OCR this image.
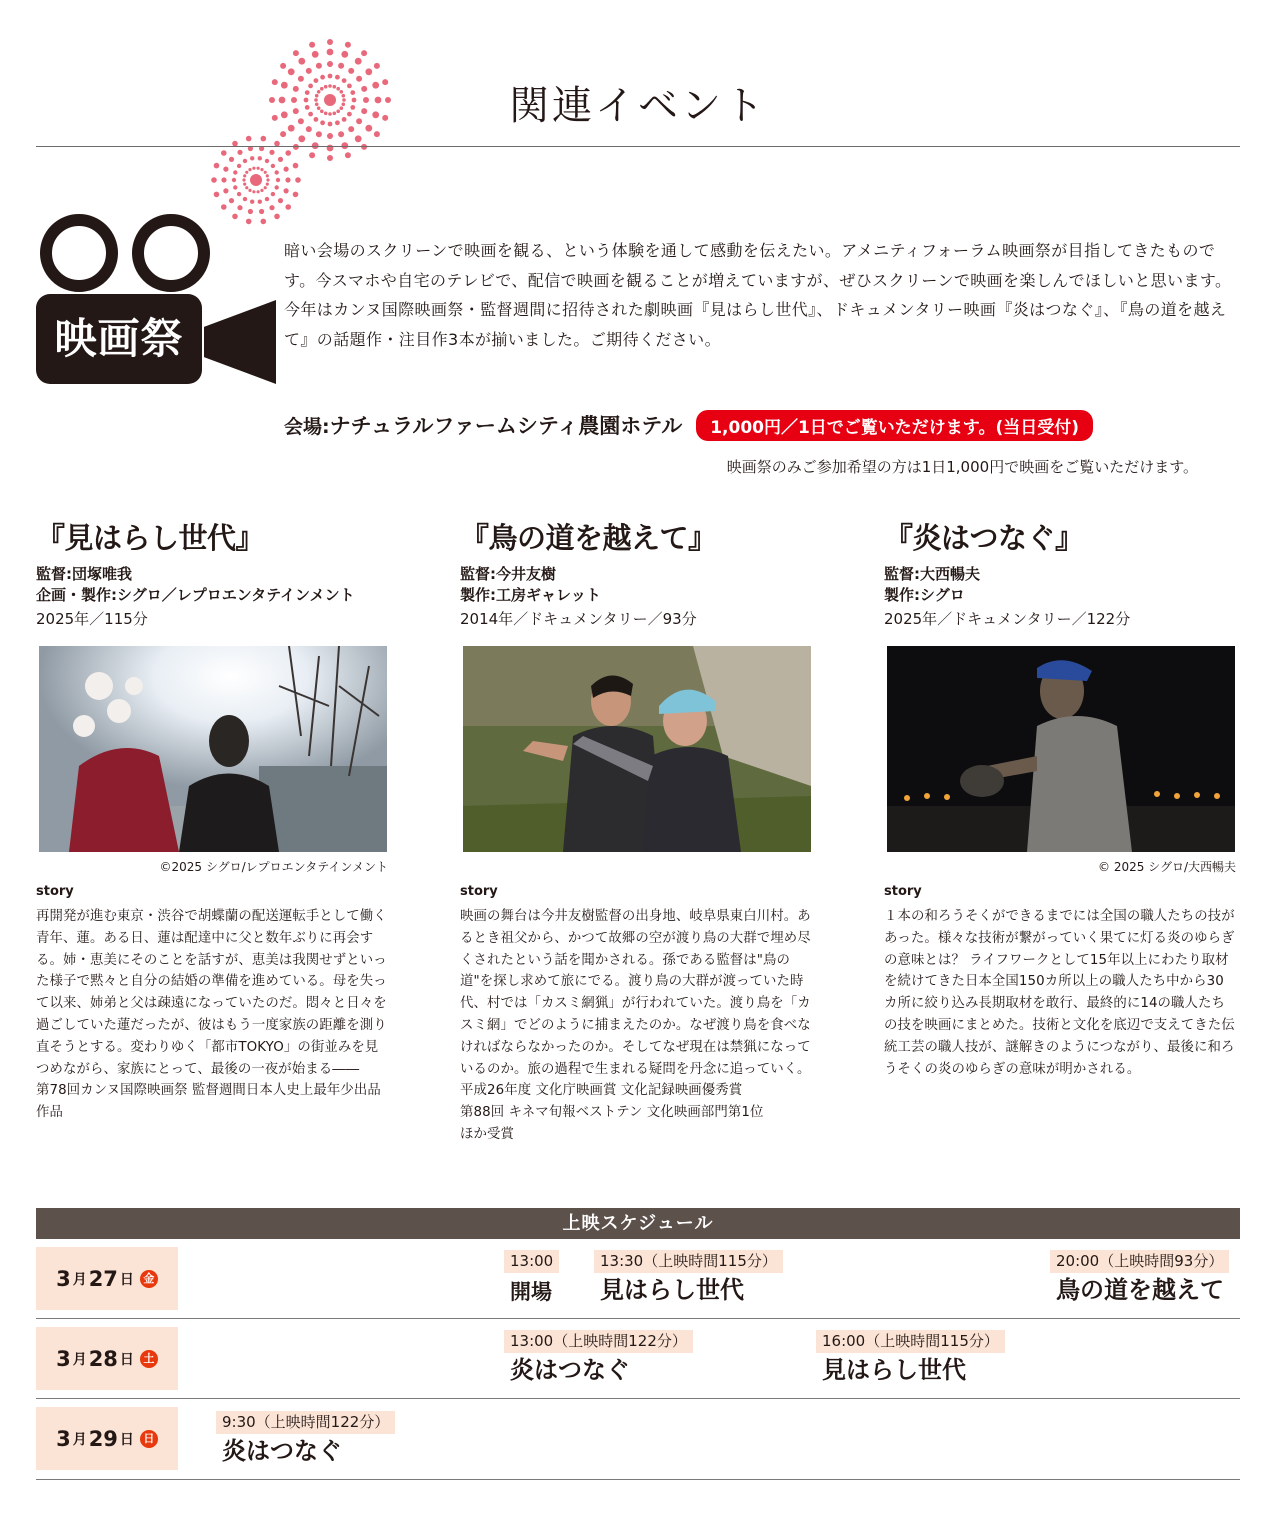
関連イベント
映画祭

暗い会場のスクリーンで映画を観る、という体験を通して感動を伝えたい。アメニティフォーラム映画祭が目指してきたものです。今スマホや自宅のテレビで、配信で映画を観ることが増えていますが、ぜひスクリーンで映画を楽しんでほしいと思います。

今年はカンヌ国際映画祭・監督週間に招待された劇映画『見はらし世代』、ドキュメンタリー映画『炎はつなぐ』、『鳥の道を越えて』の話題作・注目作3本が揃いました。ご期待ください。

会場: ナチュラルファームシティ農園ホテル	1,000円／1日でご覧いただけます。(当日受付)
映画祭のみご参加希望の方は1日1,000円で映画をご覧いただけます。
『見はらし世代』
監督:団塚唯我
企画・製作:シグロ／レプロエンタテインメント
2025年／115分
©2025 シグロ/レプロエンタテインメント
story

再開発が進む東京・渋谷で胡蝶蘭の配送運転手として働く青年、蓮。ある日、蓮は配達中に父と数年ぶりに再会する。姉・恵美にそのことを話すが、恵美は我関せずといった様子で黙々と自分の結婚の準備を進めている。母を失って以来、姉弟と父は疎遠になっていたのだ。悶々と日々を過ごしていた蓮だったが、彼はもう一度家族の距離を測り直そうとする。変わりゆく「都市TOKYO」の街並みを見つめながら、家族にとって、最後の一夜が始まる――

第78回カンヌ国際映画祭 監督週間日本人史上最年少出品作品

『鳥の道を越えて』
監督:今井友樹
製作:工房ギャレット
2014年／ドキュメンタリー／93分
story

映画の舞台は今井友樹監督の出身地、岐阜県東白川村。あるとき祖父から、かつて故郷の空が渡り鳥の大群で埋め尽くされたという話を聞かされる。孫である監督は"鳥の道"を探し求めて旅にでる。渡り鳥の大群が渡っていた時代、村では「カスミ網猟」が行われていた。渡り鳥を「カスミ網」でどのように捕まえたのか。なぜ渡り鳥を食べなければならなかったのか。そしてなぜ現在は禁猟になっているのか。旅の過程で生まれる疑問を丹念に追っていく。

平成26年度 文化庁映画賞 文化記録映画優秀賞
第88回 キネマ旬報ベストテン 文化映画部門第1位
ほか受賞

『炎はつなぐ』
監督:大西暢夫
製作:シグロ
2025年／ドキュメンタリー／122分
© 2025 シグロ/大西暢夫
story

１本の和ろうそくができるまでには全国の職人たちの技があった。様々な技術が繋がっていく果てに灯る炎のゆらぎの意味とは？ ライフワークとして15年以上にわたり取材を続けてきた日本全国150カ所以上の職人たち中から30カ所に絞り込み長期取材を敢行、最終的に14の職人たちの技を映画にまとめた。技術と文化を底辺で支えてきた伝統工芸の職人技が、謎解きのようにつながり、最後に和ろうそくの炎のゆらぎの意味が明かされる。

上映スケジュール
3 月 27 日 金
13:00
開場
13:30（上映時間115分）
見はらし世代
20:00（上映時間93分）
鳥の道を越えて
3 月 28 日 土
13:00（上映時間122分）
炎はつなぐ
16:00（上映時間115分）
見はらし世代
3 月 29 日 日
9:30（上映時間122分）
炎はつなぐ
